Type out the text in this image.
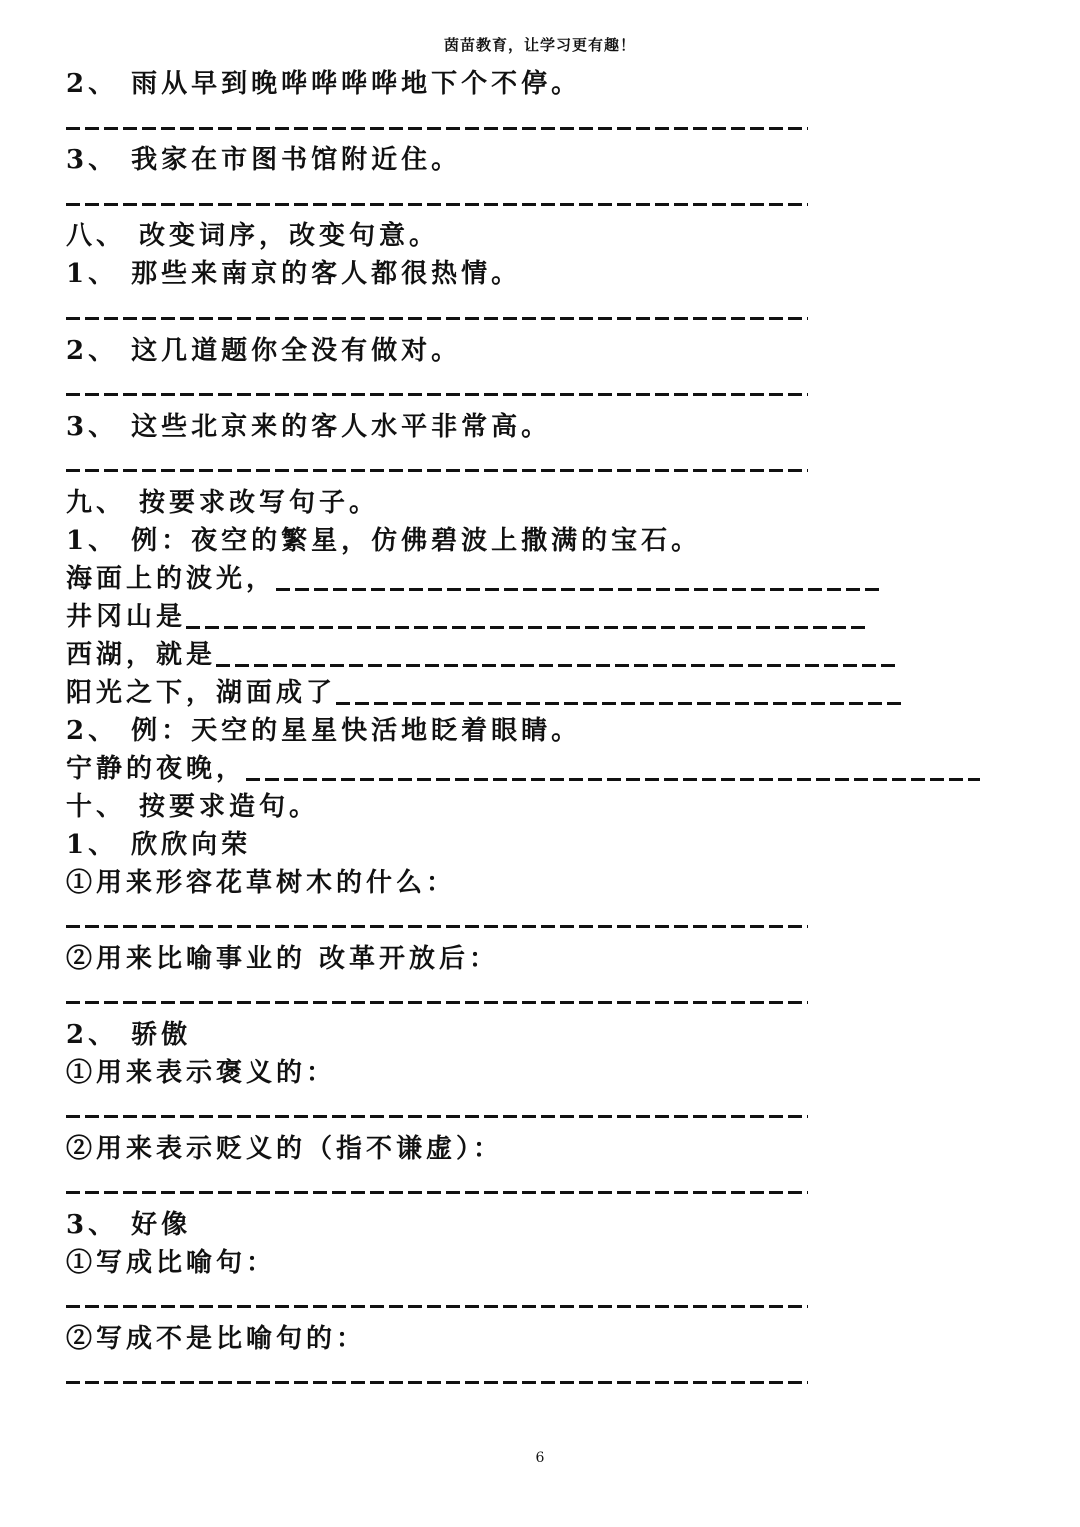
茵苗教育，让学习更有趣！
2、 雨从早到晚哗哗哗哗地下个不停。
3、 我家在市图书馆附近住。
八、 改变词序，改变句意。
1、 那些来南京的客人都很热情。
2、 这几道题你全没有做对。
3、 这些北京来的客人水平非常高。
九、 按要求改写句子。
1、 例：夜空的繁星，仿佛碧波上撒满的宝石。
海面上的波光，
井冈山是
西湖，就是
阳光之下，湖面成了
2、 例：天空的星星快活地眨着眼睛。
宁静的夜晚，
十、 按要求造句。
1、 欣欣向荣
①用来形容花草树木的什么：
②用来比喻事业的 改革开放后：
2、 骄傲
①用来表示褒义的：
②用来表示贬义的（指不谦虚）：
3、 好像
①写成比喻句：
②写成不是比喻句的：
6
